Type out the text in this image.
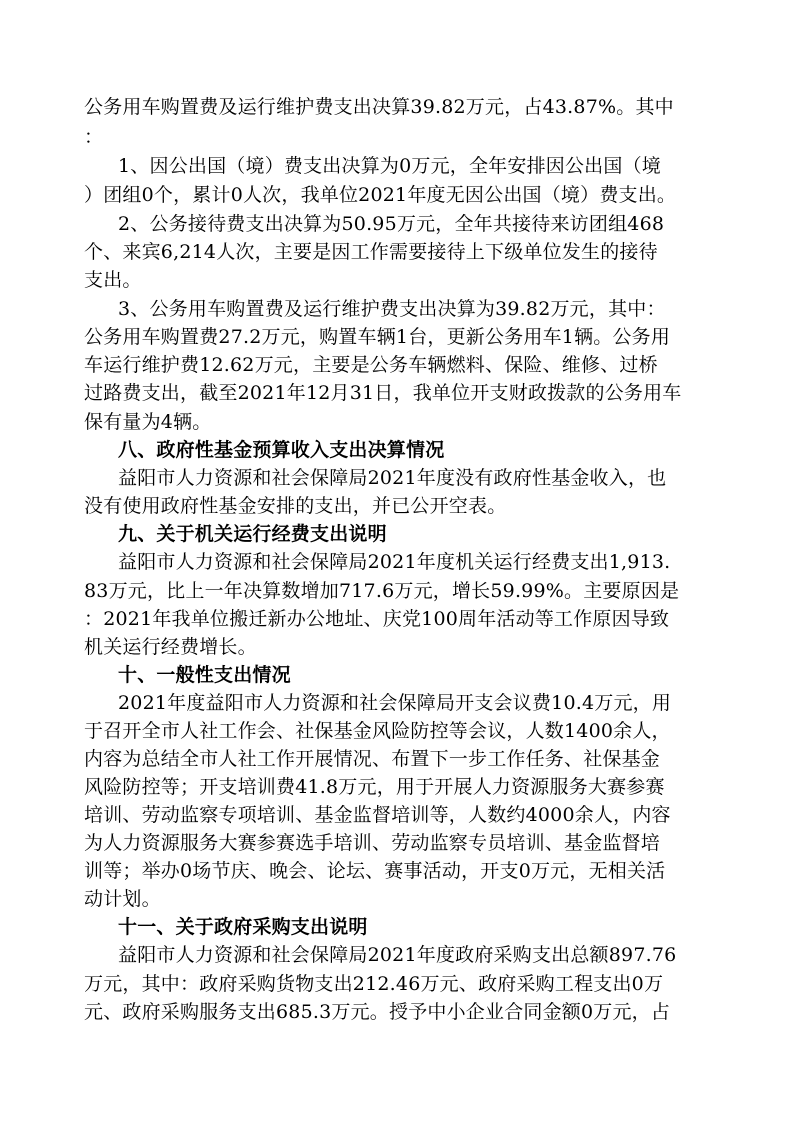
公务用车购置费及运行维护费支出决算39.82万元，占43.87%。其中
：
1、因公出国（境）费支出决算为0万元，全年安排因公出国（境
）团组0个，累计0人次，我单位2021年度无因公出国（境）费支出。
2、公务接待费支出决算为50.95万元，全年共接待来访团组468
个、来宾6,214人次，主要是因工作需要接待上下级单位发生的接待
支出。
3、公务用车购置费及运行维护费支出决算为39.82万元，其中：
公务用车购置费27.2万元，购置车辆1台，更新公务用车1辆。公务用
车运行维护费12.62万元，主要是公务车辆燃料、保险、维修、过桥
过路费支出，截至2021年12月31日，我单位开支财政拨款的公务用车
保有量为4辆。
八、政府性基金预算收入支出决算情况
益阳市人力资源和社会保障局2021年度没有政府性基金收入，也
没有使用政府性基金安排的支出，并已公开空表。
九、关于机关运行经费支出说明
益阳市人力资源和社会保障局2021年度机关运行经费支出1,913.
83万元，比上一年决算数增加717.6万元，增长59.99%。主要原因是
：2021年我单位搬迁新办公地址、庆党100周年活动等工作原因导致
机关运行经费增长。
十、一般性支出情况
2021年度益阳市人力资源和社会保障局开支会议费10.4万元，用
于召开全市人社工作会、社保基金风险防控等会议，人数1400余人，
内容为总结全市人社工作开展情况、布置下一步工作任务、社保基金
风险防控等；开支培训费41.8万元，用于开展人力资源服务大赛参赛
培训、劳动监察专项培训、基金监督培训等，人数约4000余人，内容
为人力资源服务大赛参赛选手培训、劳动监察专员培训、基金监督培
训等；举办0场节庆、晚会、论坛、赛事活动，开支0万元，无相关活
动计划。
十一、关于政府采购支出说明
益阳市人力资源和社会保障局2021年度政府采购支出总额897.76
万元，其中：政府采购货物支出212.46万元、政府采购工程支出0万
元、政府采购服务支出685.3万元。授予中小企业合同金额0万元，占
